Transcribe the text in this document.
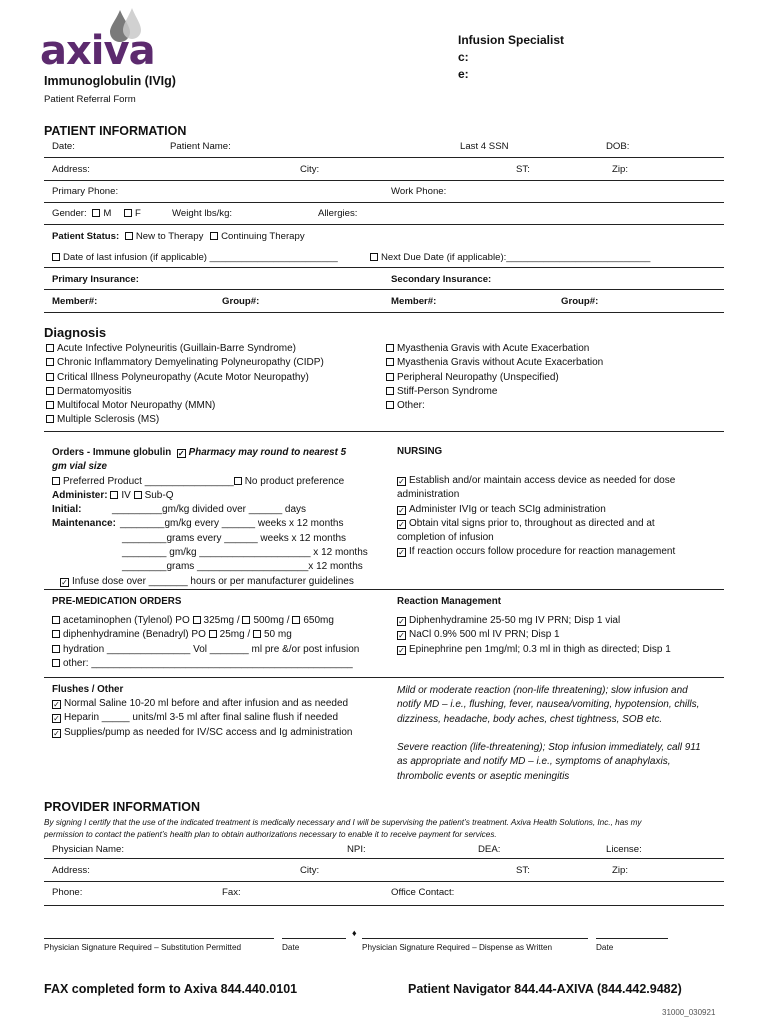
axiva
Immunoglobulin (IVIg)
Patient Referral Form
Infusion Specialist
c:
e:
PATIENT INFORMATION
Date:	Patient Name:	Last 4 SSN	DOB:
Address:	City:	ST:	Zip:
Primary Phone:	Work Phone:
Gender: M F	Weight lbs/kg:	Allergies:
Patient Status: New to Therapy Continuing Therapy
Date of last infusion (if applicable) ________________________	Next Due Date (if applicable):___________________________
Primary Insurance:	Secondary Insurance:
Member#:	Group#:	Member#:	Group#:
Diagnosis
Acute Infective Polyneuritis (Guillain-Barre Syndrome)
Chronic Inflammatory Demyelinating Polyneuropathy (CIDP)
Critical Illness Polyneuropathy (Acute Motor Neuropathy)
Dermatomyositis
Multifocal Motor Neuropathy (MMN)
Multiple Sclerosis (MS)
Myasthenia Gravis with Acute Exacerbation
Myasthenia Gravis without Acute Exacerbation
Peripheral Neuropathy (Unspecified)
Stiff-Person Syndrome
Other:
Orders - Immune globulin ✓ Pharmacy may round to nearest 5
gm vial size
Preferred Product ________________ No product preference
Administer: IV Sub-Q
Initial:	_________gm/kg divided over ______ days
Maintenance: ________gm/kg every ______ weeks x 12 months
________grams every ______ weeks x 12 months
________ gm/kg ____________________ x 12 months
________grams ____________________x 12 months
✓ Infuse dose over _______ hours or per manufacturer guidelines
NURSING
✓ Establish and/or maintain access device as needed for dose
administration
✓ Administer IVIg or teach SCIg administration
✓ Obtain vital signs prior to, throughout as directed and at
completion of infusion
✓ If reaction occurs follow procedure for reaction management
PRE-MEDICATION ORDERS
acetaminophen (Tylenol) PO 325mg / 500mg / 650mg
diphenhydramine (Benadryl) PO 25mg / 50 mg
hydration _______________ Vol _______ ml pre &/or post infusion
other: _______________________________________________
Reaction Management
✓ Diphenhydramine 25-50 mg IV PRN; Disp 1 vial
✓ NaCl 0.9% 500 ml IV PRN; Disp 1
✓ Epinephrine pen 1mg/ml; 0.3 ml in thigh as directed; Disp 1
Flushes / Other
✓ Normal Saline 10-20 ml before and after infusion and as needed
✓ Heparin _____ units/ml 3-5 ml after final saline flush if needed
✓ Supplies/pump as needed for IV/SC access and Ig administration
Mild or moderate reaction (non-life threatening); slow infusion and
notify MD – i.e., flushing, fever, nausea/vomiting, hypotension, chills,
dizziness, headache, body aches, chest tightness, SOB etc.
Severe reaction (life-threatening); Stop infusion immediately, call 911
as appropriate and notify MD – i.e., symptoms of anaphylaxis,
thrombolic events or aseptic meningitis
PROVIDER INFORMATION
By signing I certify that the use of the indicated treatment is medically necessary and I will be supervising the patient’s treatment. Axiva Health Solutions, Inc., has my
permission to contact the patient’s health plan to obtain authorizations necessary to enable it to receive payment for services.
Physician Name:	NPI:	DEA:	License:
Address:	City:	ST:	Zip:
Phone:	Fax:	Office Contact:
♦
Physician Signature Required – Substitution Permitted	Date	Physician Signature Required – Dispense as Written	Date
FAX completed form to Axiva 844.440.0101	Patient Navigator 844.44-AXIVA (844.442.9482)
31000_030921
